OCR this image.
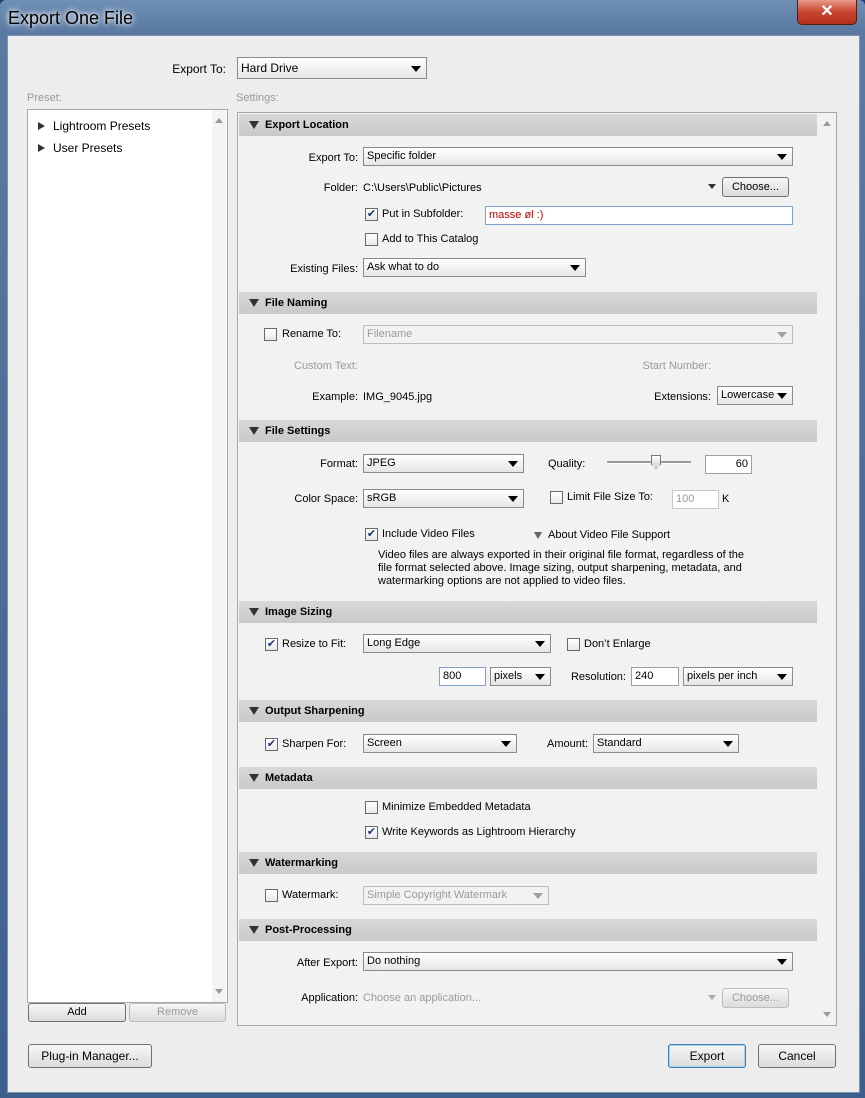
Export One File	✕
Export To:	Hard Drive
Preset:	Settings:
Lightroom Presets
User Presets
Add	Remove
Export Location
Export To: Specific folder
Folder: C:\Users\Public\Pictures	Choose...
✔ Put in Subfolder:	masse øl :)
Add to This Catalog
Existing Files: Ask what to do
File Naming
Rename To:	Filename
Custom Text:	Start Number:
Example: IMG_9045.jpg	Extensions: Lowercase
File Settings
Format: JPEG	Quality:	60
Color Space: sRGB	Limit File Size To:	100	K
✔ Include Video Files	About Video File Support
Video files are always exported in their original file format, regardless of the file format selected above. Image sizing, output sharpening, metadata, and watermarking options are not applied to video files.
Image Sizing
✔ Resize to Fit:	Long Edge	Don’t Enlarge
800	pixels	Resolution: 240	pixels per inch
Output Sharpening
✔ Sharpen For:	Screen	Amount: Standard
Metadata
Minimize Embedded Metadata
✔ Write Keywords as Lightroom Hierarchy
Watermarking
Watermark:	Simple Copyright Watermark
Post-Processing
After Export: Do nothing
Application: Choose an application...	Choose...
Plug-in Manager...	Export	Cancel
